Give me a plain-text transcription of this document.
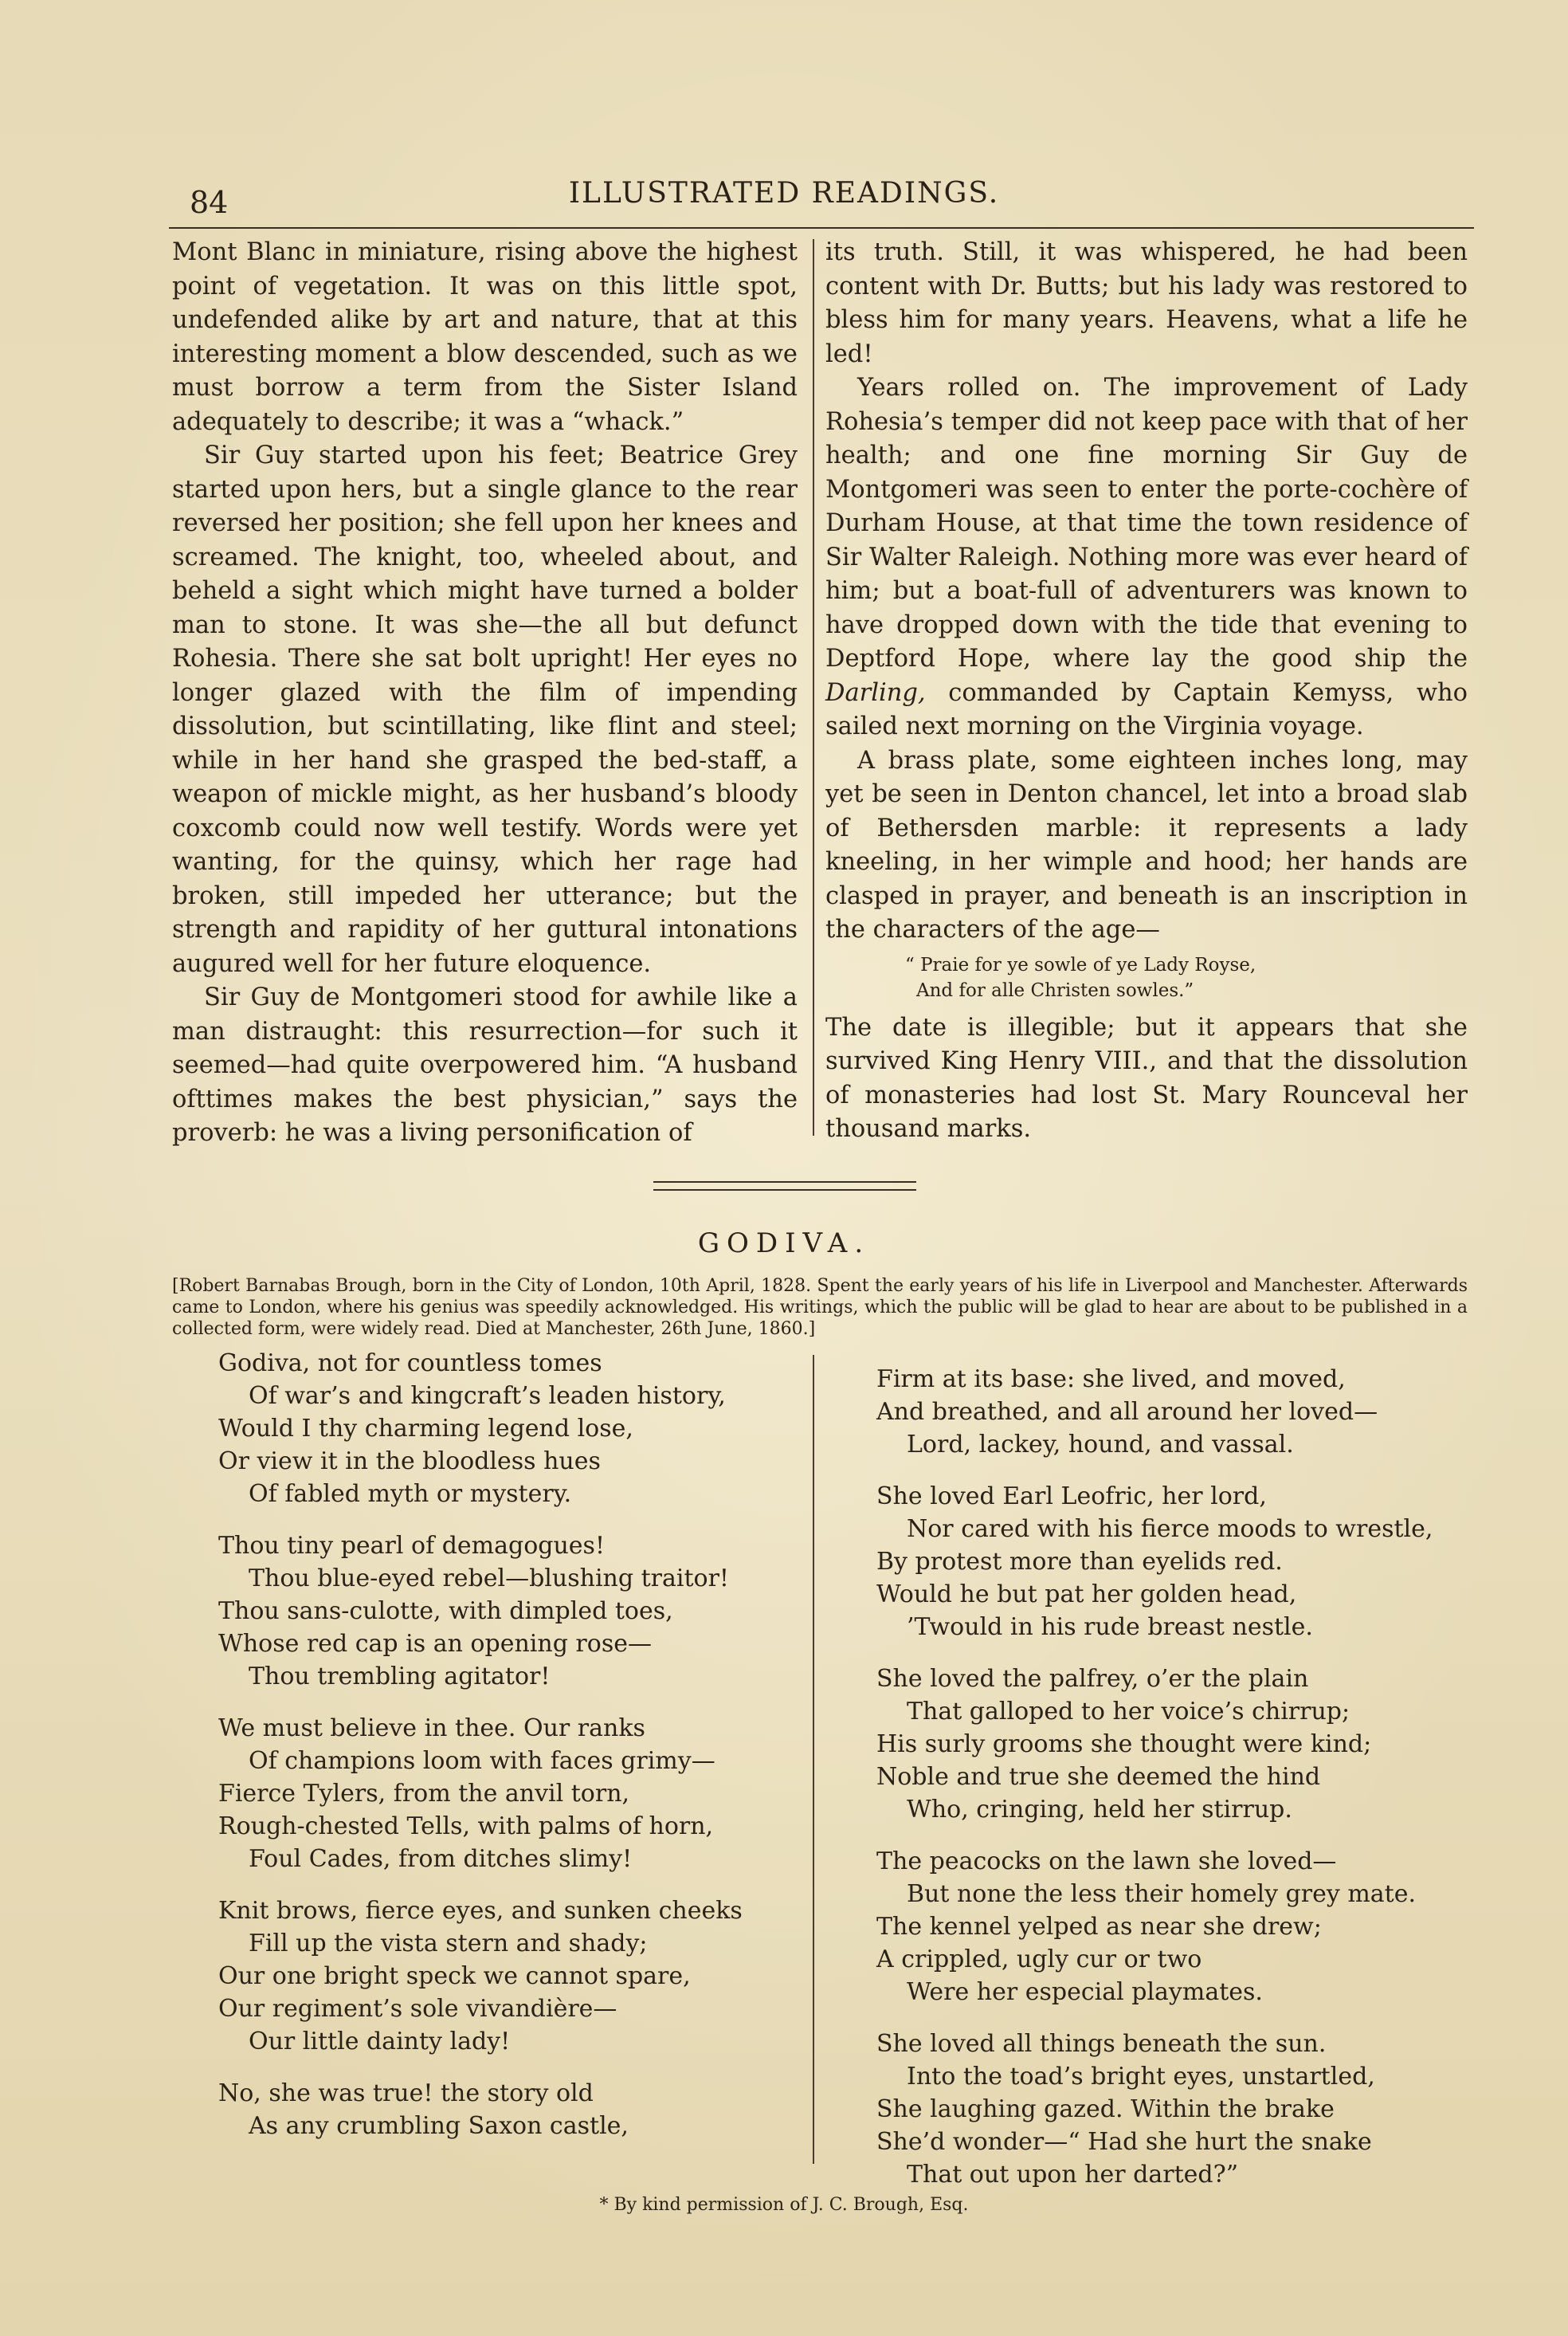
84	ILLUSTRATED READINGS.

Mont Blanc in miniature, rising above the highest point of vegetation. It was on this little spot, undefended alike by art and nature, that at this interesting moment a blow descended, such as we must borrow a term from the Sister Island adequately to describe; it was a “whack.”

Sir Guy started upon his feet; Beatrice Grey started upon hers, but a single glance to the rear reversed her position; she fell upon her knees and screamed. The knight, too, wheeled about, and beheld a sight which might have turned a bolder man to stone. It was she—the all but defunct Rohesia. There she sat bolt upright! Her eyes no longer glazed with the film of impending dissolution, but scintillating, like flint and steel; while in her hand she grasped the bed-staff, a weapon of mickle might, as her husband’s bloody coxcomb could now well testify. Words were yet wanting, for the quinsy, which her rage had broken, still impeded her utterance; but the strength and rapidity of her guttural intonations augured well for her future eloquence.

Sir Guy de Montgomeri stood for awhile like a man distraught: this resurrection—for such it seemed—had quite overpowered him. “A husband ofttimes makes the best physician,” says the proverb: he was a living personification of

its truth. Still, it was whispered, he had been content with Dr. Butts; but his lady was restored to bless him for many years. Heavens, what a life he led!

Years rolled on. The improvement of Lady Rohesia’s temper did not keep pace with that of her health; and one fine morning Sir Guy de Montgomeri was seen to enter the porte-cochère of Durham House, at that time the town residence of Sir Walter Raleigh. Nothing more was ever heard of him; but a boat-full of adventurers was known to have dropped down with the tide that evening to Deptford Hope, where lay the good ship the Darling, commanded by Captain Kemyss, who sailed next morning on the Virginia voyage.

A brass plate, some eighteen inches long, may yet be seen in Denton chancel, let into a broad slab of Bethersden marble: it represents a lady kneeling, in her wimple and hood; her hands are clasped in prayer, and beneath is an inscription in the characters of the age—

“ Praie for ye sowle of ye Lady Royse,
And for alle Christen sowles.”

The date is illegible; but it appears that she survived King Henry VIII., and that the dissolution of monasteries had lost St. Mary Rounceval her thousand marks.

GODIVA.
[Robert Barnabas Brough, born in the City of London, 10th April, 1828. Spent the early years of his life in Liverpool and Manchester. Afterwards came to London, where his genius was speedily acknowledged. His writings, which the public will be glad to hear are about to be published in a collected form, were widely read. Died at Manchester, 26th June, 1860.]
Godiva, not for countless tomes
Of war’s and kingcraft’s leaden history,
Would I thy charming legend lose,
Or view it in the bloodless hues
Of fabled myth or mystery.
Thou tiny pearl of demagogues!
Thou blue-eyed rebel—blushing traitor!
Thou sans-culotte, with dimpled toes,
Whose red cap is an opening rose—
Thou trembling agitator!
We must believe in thee. Our ranks
Of champions loom with faces grimy—
Fierce Tylers, from the anvil torn,
Rough-chested Tells, with palms of horn,
Foul Cades, from ditches slimy!
Knit brows, fierce eyes, and sunken cheeks
Fill up the vista stern and shady;
Our one bright speck we cannot spare,
Our regiment’s sole vivandière—
Our little dainty lady!
No, she was true! the story old
As any crumbling Saxon castle,
Firm at its base: she lived, and moved,
And breathed, and all around her loved—
Lord, lackey, hound, and vassal.
She loved Earl Leofric, her lord,
Nor cared with his fierce moods to wrestle,
By protest more than eyelids red.
Would he but pat her golden head,
’Twould in his rude breast nestle.
She loved the palfrey, o’er the plain
That galloped to her voice’s chirrup;
His surly grooms she thought were kind;
Noble and true she deemed the hind
Who, cringing, held her stirrup.
The peacocks on the lawn she loved—
But none the less their homely grey mate.
The kennel yelped as near she drew;
A crippled, ugly cur or two
Were her especial playmates.
She loved all things beneath the sun.
Into the toad’s bright eyes, unstartled,
She laughing gazed. Within the brake
She’d wonder—“ Had she hurt the snake
That out upon her darted?”
* By kind permission of J. C. Brough, Esq.
